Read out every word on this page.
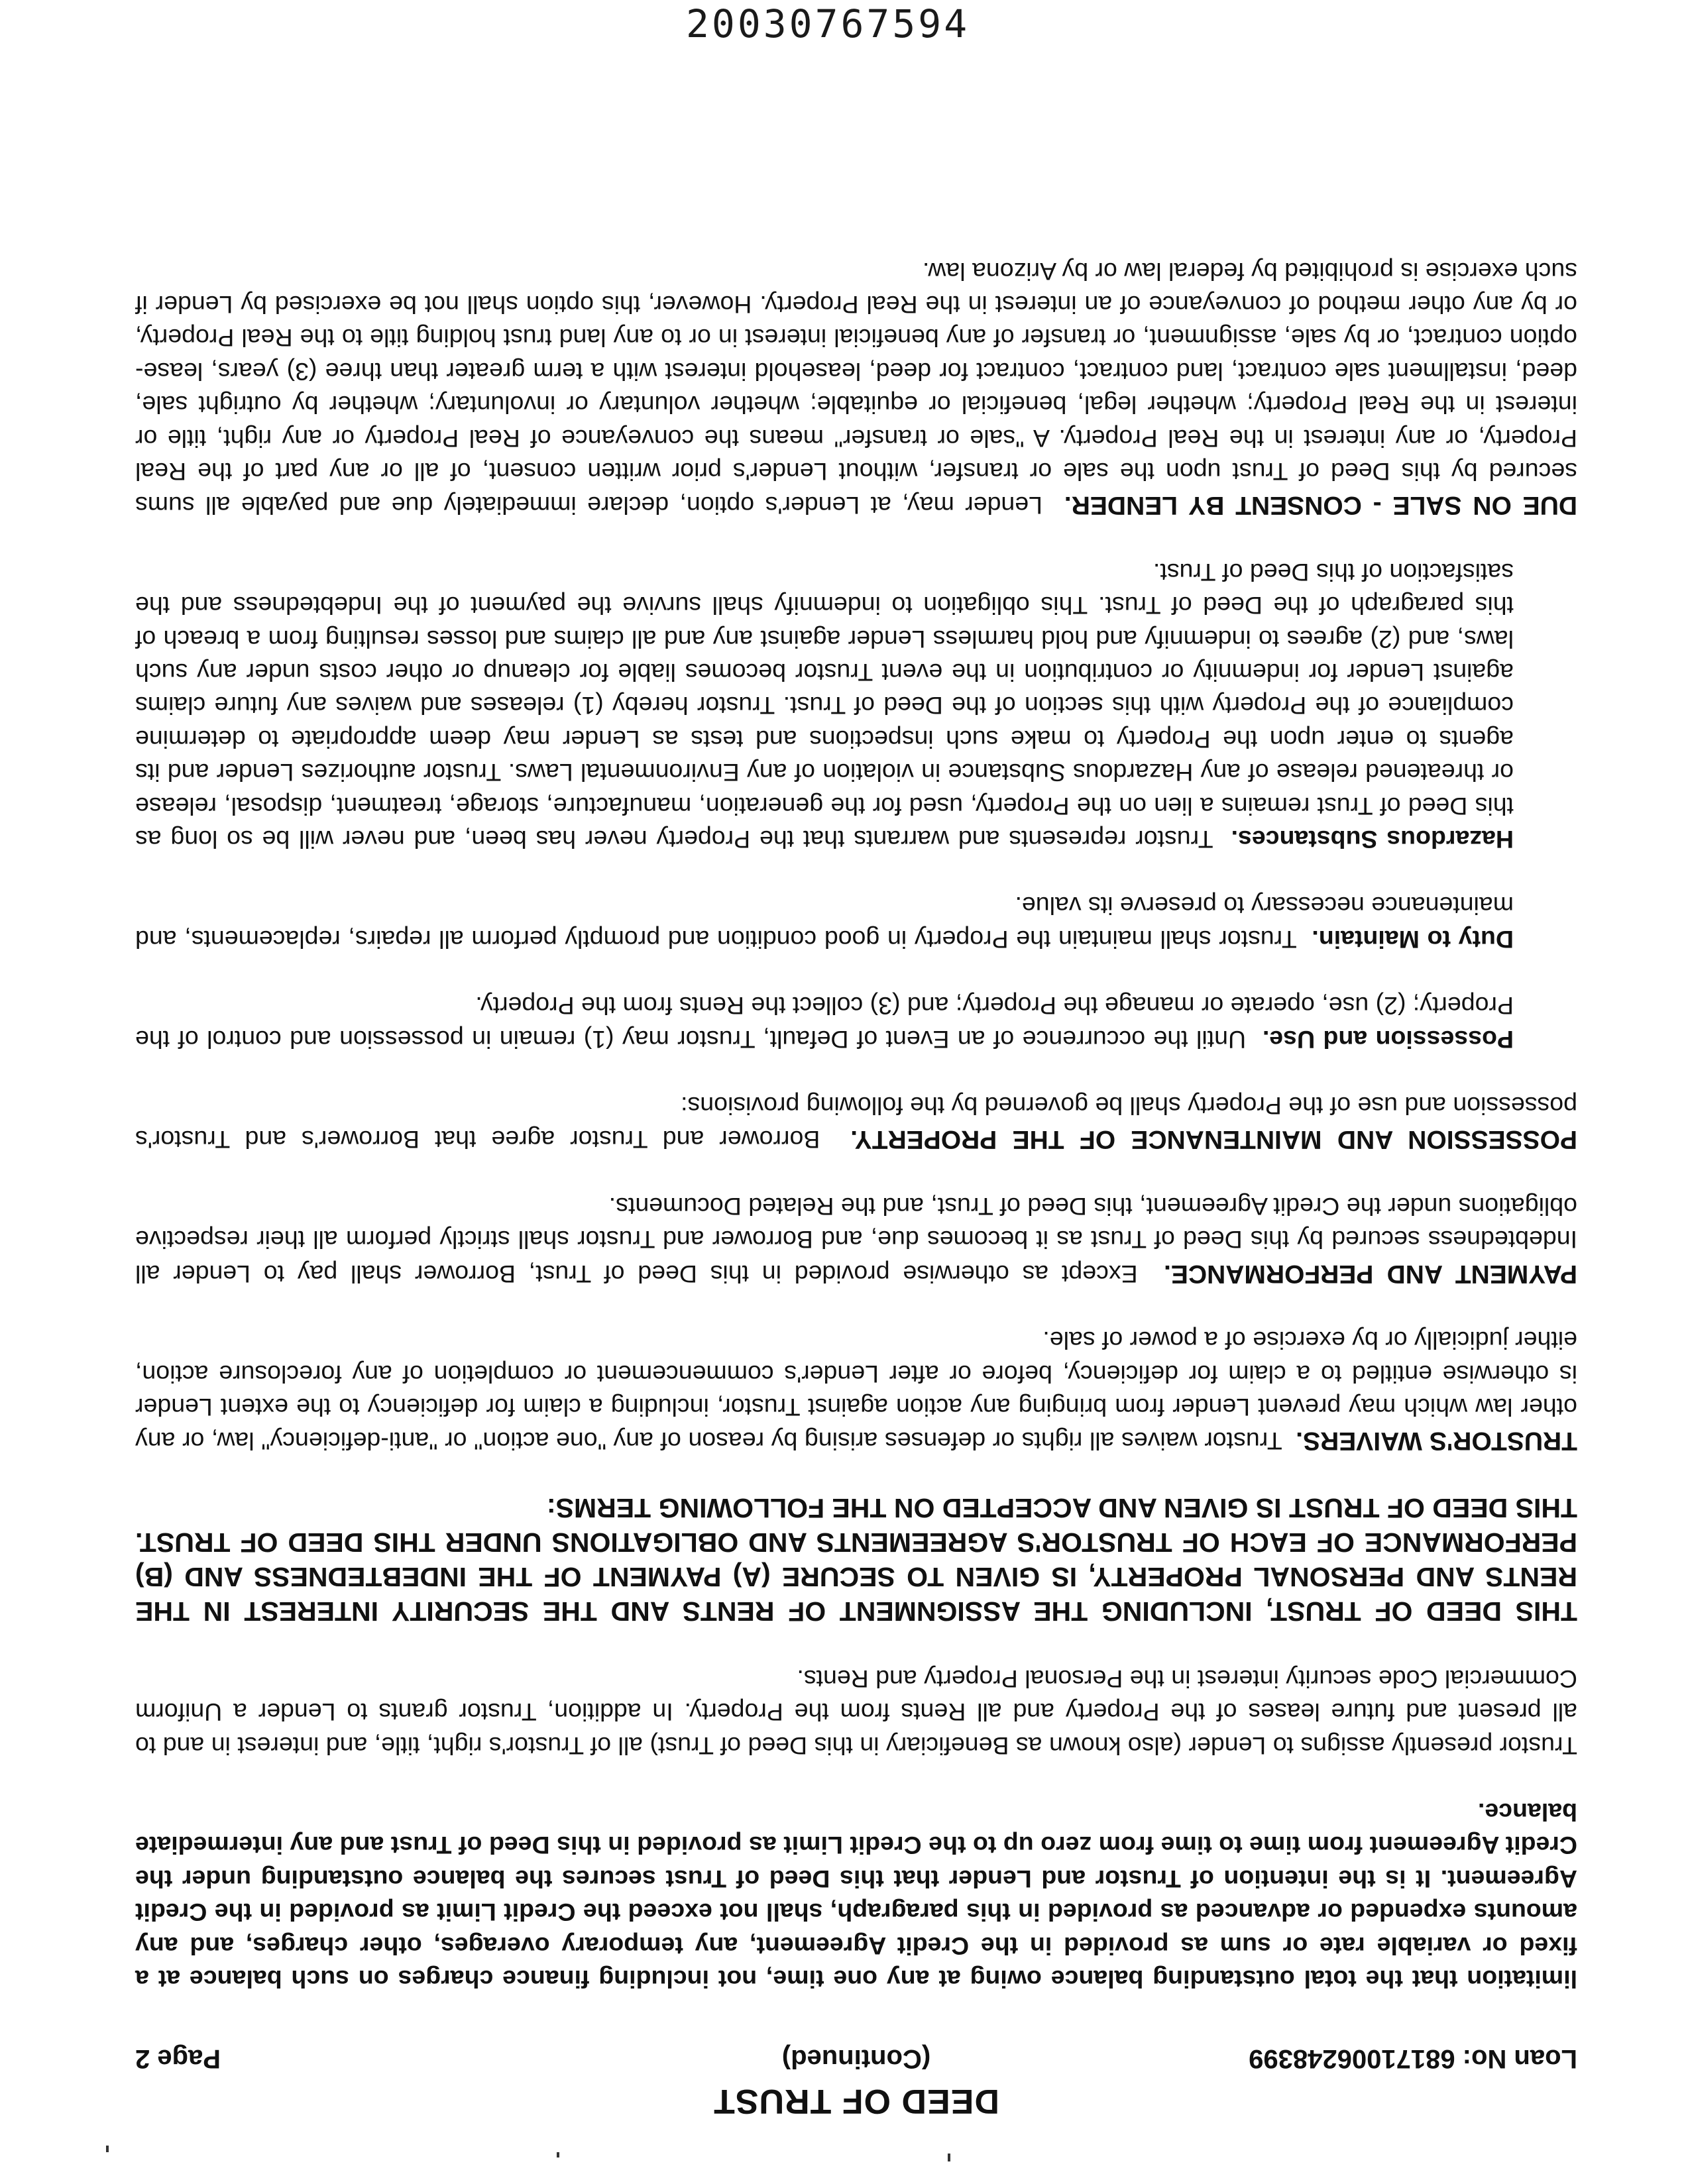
20030767594
DEED OF TRUST
Loan No: 6817100624839​9
(Continued)
Page 2

limitation that the total outstanding balance owing at any one time, not including finance charges on such balance at a fixed or variable rate or sum as provided in the Credit Agreement, any temporary overages, other charges, and any amounts expended or advanced as provided in this paragraph, shall not exceed the Credit Limit as provided in the Credit Agreement. It is the intention of Trustor and Lender that this Deed of Trust secures the balance outstanding under the Credit Agreement from time to time from zero up to the Credit Limit as provided in this Deed of Trust and any intermediate balance.

Trustor presently assigns to Lender (also known as Beneficiary in this Deed of Trust) all of Trustor's right, title, and interest in and to all present and future leases of the Property and all Rents from the Property. In addition, Trustor grants to Lender a Uniform Commercial Code security interest in the Personal Property and Rents.

THIS DEED OF TRUST, INCLUDING THE ASSIGNMENT OF RENTS AND THE SECURITY INTEREST IN THE RENTS AND PERSONAL PROPERTY, IS GIVEN TO SECURE (A) PAYMENT OF THE INDEBTEDNESS AND (B) PERFORMANCE OF EACH OF TRUSTOR'S AGREEMENTS AND OBLIGATIONS UNDER THIS DEED OF TRUST. THIS DEED OF TRUST IS GIVEN AND ACCEPTED ON THE FOLLOWING TERMS:

TRUSTOR'S WAIVERS.  Trustor waives all rights or defenses arising by reason of any "one action" or "anti-deficiency" law, or any other law which may prevent Lender from bringing any action against Trustor, including a claim for deficiency to the extent Lender is otherwise entitled to a claim for deficiency, before or after Lender's commencement or completion of any foreclosure action, either judicially or by exercise of a power of sale.

PAYMENT AND PERFORMANCE.  Except as otherwise provided in this Deed of Trust, Borrower shall pay to Lender all Indebtedness secured by this Deed of Trust as it becomes due, and Borrower and Trustor shall strictly perform all their respective obligations under the Credit Agreement, this Deed of Trust, and the Related Documents.

POSSESSION AND MAINTENANCE OF THE PROPERTY.  Borrower and Trustor agree that Borrower's and Trustor's possession and use of the Property shall be governed by the following provisions:

Possession and Use.  Until the occurrence of an Event of Default, Trustor may (1) remain in possession and control of the Property; (2) use, operate or manage the Property; and (3) collect the Rents from the Property.

Duty to Maintain.  Trustor shall maintain the Property in good condition and promptly perform all repairs, replacements, and maintenance necessary to preserve its value.

Hazardous Substances.  Trustor represents and warrants that the Property never has been, and never will be so long as this Deed of Trust remains a lien on the Property, used for the generation, manufacture, storage, treatment, disposal, release or threatened release of any Hazardous Substance in violation of any Environmental Laws. Trustor authorizes Lender and its agents to enter upon the Property to make such inspections and tests as Lender may deem appropriate to determine compliance of the Property with this section of the Deed of Trust. Trustor hereby (1) releases and waives any future claims against Lender for indemnity or contribution in the event Trustor becomes liable for cleanup or other costs under any such laws, and (2) agrees to indemnify and hold harmless Lender against any and all claims and losses resulting from a breach of this paragraph of the Deed of Trust. This obligation to indemnify shall survive the payment of the Indebtedness and the satisfaction of this Deed of Trust.

DUE ON SALE - CONSENT BY LENDER.  Lender may, at Lender's option, declare immediately due and payable all sums secured by this Deed of Trust upon the sale or transfer, without Lender's prior written consent, of all or any part of the Real Property, or any interest in the Real Property. A "sale or transfer" means the conveyance of Real Property or any right, title or interest in the Real Property; whether legal, beneficial or equitable; whether voluntary or involuntary; whether by outright sale, deed, installment sale contract, land contract, contract for deed, leasehold interest with a term greater than three (3) years, lease-option contract, or by sale, assignment, or transfer of any beneficial interest in or to any land trust holding title to the Real Property, or by any other method of conveyance of an interest in the Real Property. However, this option shall not be exercised by Lender if such exercise is prohibited by federal law or by Arizona law.
